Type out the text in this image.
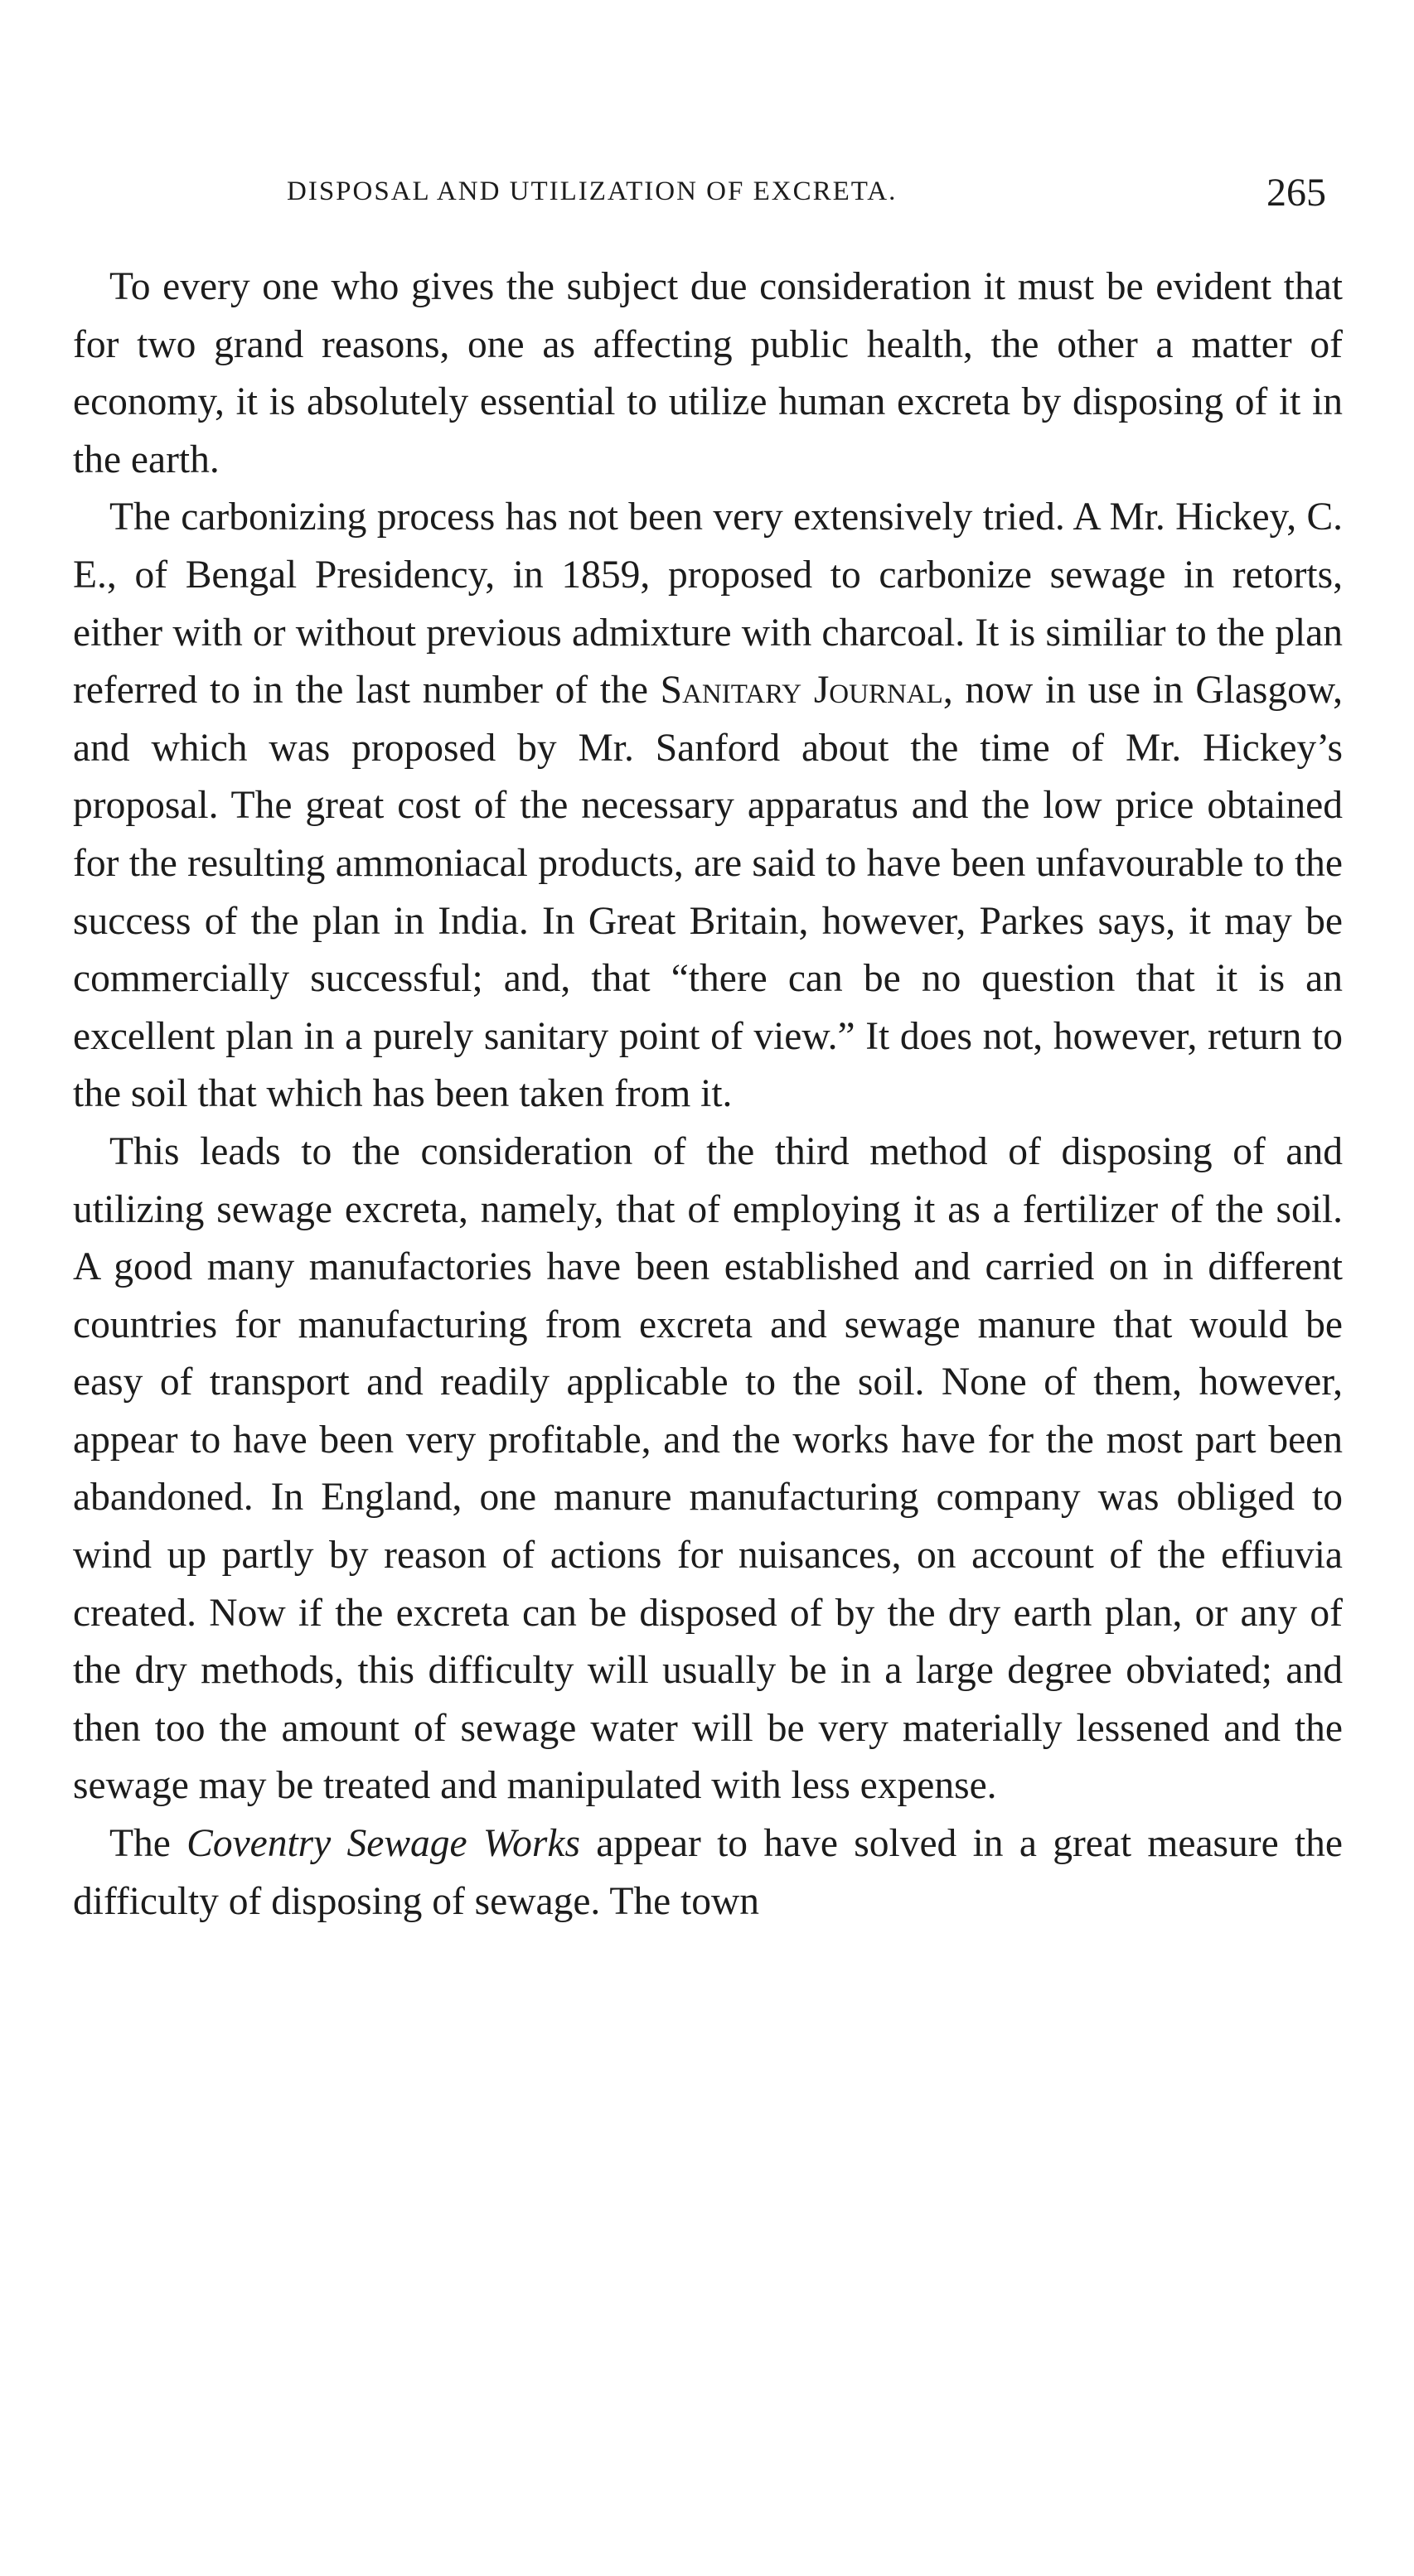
DISPOSAL AND UTILIZATION OF EXCRETA.	265

To every one who gives the subject due consideration it must be evident that for two grand reasons, one as affecting public health, the other a matter of economy, it is absolutely essential to utilize human excreta by disposing of it in the earth.

The carbonizing process has not been very extensively tried. A Mr. Hickey, C. E., of Bengal Presidency, in 1859, proposed to carbonize sewage in retorts, either with or without previous admixture with charcoal. It is similiar to the plan referred to in the last number of the Sanitary Journal, now in use in Glasgow, and which was proposed by Mr. Sanford about the time of Mr. Hickey’s proposal. The great cost of the necessary apparatus and the low price obtained for the resulting ammoniacal products, are said to have been unfavourable to the success of the plan in India. In Great Britain, however, Parkes says, it may be commercially successful; and, that “there can be no question that it is an excellent plan in a purely sanitary point of view.” It does not, however, return to the soil that which has been taken from it.

This leads to the consideration of the third method of disposing of and utilizing sewage excreta, namely, that of employing it as a fertilizer of the soil. A good many manufactories have been established and carried on in different countries for manufacturing from excreta and sewage manure that would be easy of transport and readily applicable to the soil. None of them, however, appear to have been very profitable, and the works have for the most part been abandoned. In England, one manure manufacturing company was obliged to wind up partly by reason of actions for nuisances, on account of the effiuvia created. Now if the excreta can be disposed of by the dry earth plan, or any of the dry methods, this difficulty will usually be in a large degree obviated; and then too the amount of sewage water will be very materially lessened and the sewage may be treated and manipulated with less expense.

The Coventry Sewage Works appear to have solved in a great measure the difficulty of disposing of sewage. The town
